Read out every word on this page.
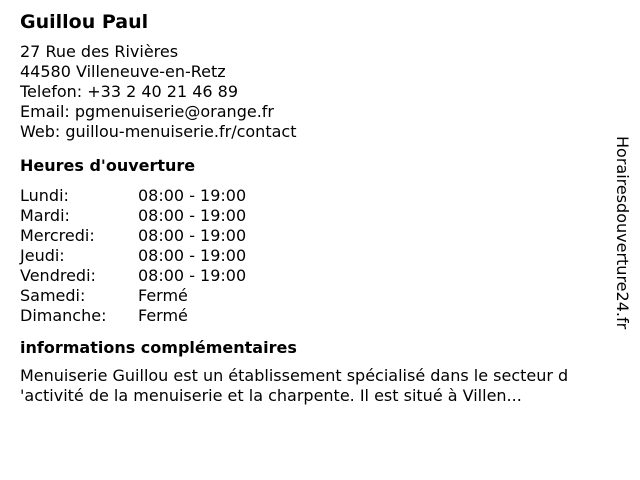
Guillou Paul
27 Rue des Rivières
44580 Villeneuve-en-Retz
Telefon: +33 2 40 21 46 89
Email: pgmenuiserie@orange.fr
Web: guillou-menuiserie.fr/contact
Heures d'ouverture
Lundi:	08:00 - 19:00
Mardi:	08:00 - 19:00
Mercredi:	08:00 - 19:00
Jeudi:	08:00 - 19:00
Vendredi:	08:00 - 19:00
Samedi:	Fermé
Dimanche:	Fermé
informations complémentaires
Menuiserie Guillou est un établissement spécialisé dans le secteur d
'activité de la menuiserie et la charpente. Il est situé à Villen...
Horairesdouverture24.fr
